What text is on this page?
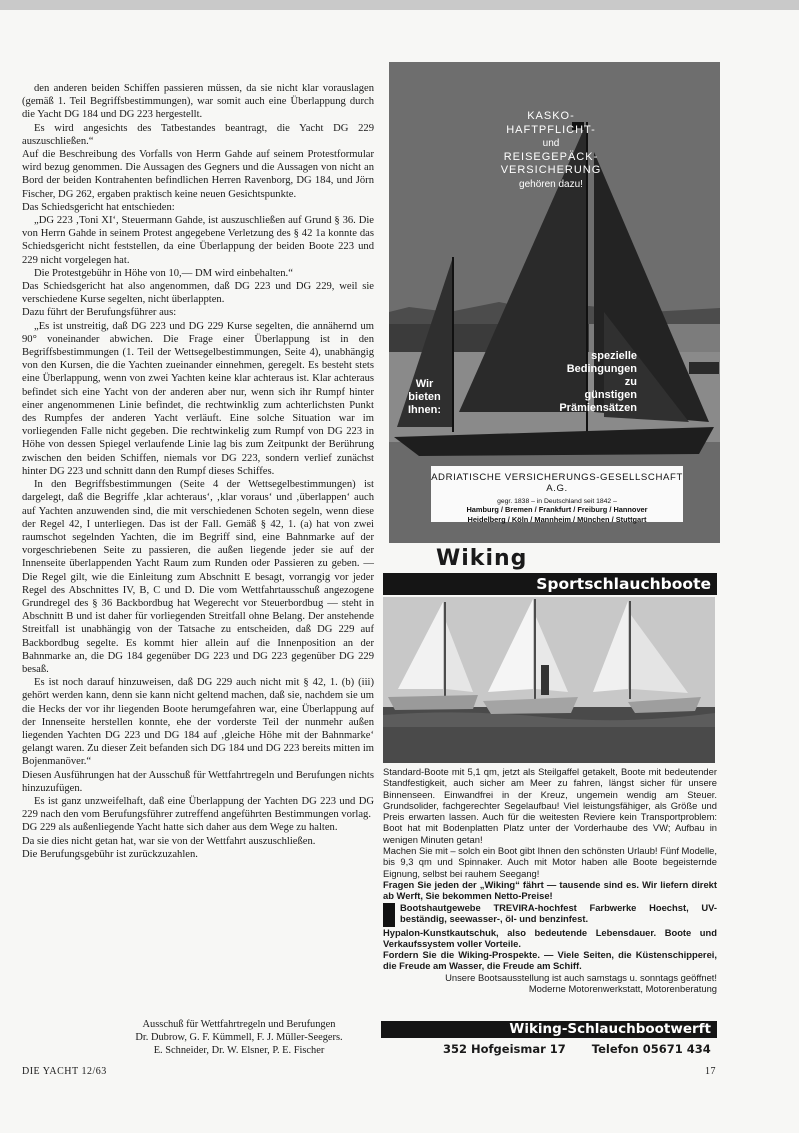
den anderen beiden Schiffen passieren müssen, da sie nicht klar vorauslagen (gemäß 1. Teil Begriffsbestimmungen), war somit auch eine Überlappung durch die Yacht DG 184 und DG 223 hergestellt.

Es wird angesichts des Tatbestandes beantragt, die Yacht DG 229 auszuschließen.“

Auf die Beschreibung des Vorfalls von Herrn Gahde auf seinem Protestformular wird bezug genommen. Die Aussagen des Gegners und die Aussagen von nicht an Bord der beiden Kontrahenten befindlichen Herren Ravenborg, DG 184, und Jörn Fischer, DG 262, ergaben praktisch keine neuen Gesichtspunkte.

Das Schiedsgericht hat entschieden:

„DG 223 ‚Toni XI‘, Steuermann Gahde, ist auszuschließen auf Grund § 36. Die von Herrn Gahde in seinem Protest angegebene Verletzung des § 42 1a konnte das Schiedsgericht nicht feststellen, da eine Überlappung der beiden Boote 223 und 229 nicht vorgelegen hat.

Die Protestgebühr in Höhe von 10,— DM wird einbehalten.“

Das Schiedsgericht hat also angenommen, daß DG 223 und DG 229, weil sie verschiedene Kurse segelten, nicht überlappten.

Dazu führt der Berufungsführer aus:

„Es ist unstreitig, daß DG 223 und DG 229 Kurse segelten, die annähernd um 90° voneinander abwichen. Die Frage einer Überlappung ist in den Begriffsbestimmungen (1. Teil der Wettsegelbestimmungen, Seite 4), unabhängig von den Kursen, die die Yachten zueinander einnehmen, geregelt. Es besteht stets eine Überlappung, wenn von zwei Yachten keine klar achteraus ist. Klar achteraus befindet sich eine Yacht von der anderen aber nur, wenn sich ihr Rumpf hinter einer angenommenen Linie befindet, die rechtwinklig zum achterlichsten Punkt des Rumpfes der anderen Yacht verläuft. Eine solche Situation war im vorliegenden Falle nicht gegeben. Die rechtwinkelig zum Rumpf von DG 223 in Höhe von dessen Spiegel verlaufende Linie lag bis zum Zeitpunkt der Berührung zwischen den beiden Schiffen, niemals vor DG 223, sondern verlief zunächst hinter DG 223 und schnitt dann den Rumpf dieses Schiffes.

In den Begriffsbestimmungen (Seite 4 der Wettsegelbestimmungen) ist dargelegt, daß die Begriffe ‚klar achteraus‘, ‚klar voraus‘ und ‚überlappen‘ auch auf Yachten anzuwenden sind, die mit verschiedenen Schoten segeln, wenn diese der Regel 42, I unterliegen. Das ist der Fall. Gemäß § 42, 1. (a) hat von zwei raumschot segelnden Yachten, die im Begriff sind, eine Bahnmarke auf der vorgeschriebenen Seite zu passieren, die außen liegende jeder sie auf der Innenseite überlappenden Yacht Raum zum Runden oder Passieren zu geben. — Die Regel gilt, wie die Einleitung zum Abschnitt E besagt, vorrangig vor jeder Regel des Abschnittes IV, B, C und D. Die vom Wettfahrtausschuß angezogene Grundregel des § 36 Backbordbug hat Wegerecht vor Steuerbordbug — steht in Abschnitt B und ist daher für vorliegenden Streitfall ohne Belang. Der anstehende Streitfall ist unabhängig von der Tatsache zu entscheiden, daß DG 229 auf Backbordbug segelte. Es kommt hier allein auf die Innenposition an der Bahnmarke an, die DG 184 gegenüber DG 223 und DG 223 gegenüber DG 229 besaß.

Es ist noch darauf hinzuweisen, daß DG 229 auch nicht mit § 42, 1. (b) (iii) gehört werden kann, denn sie kann nicht geltend machen, daß sie, nachdem sie um die Hecks der vor ihr liegenden Boote herumgefahren war, eine Überlappung auf der Innenseite herstellen konnte, ehe der vorderste Teil der nunmehr außen liegenden Yachten DG 223 und DG 184 auf ‚gleiche Höhe mit der Bahnmarke‘ gelangt waren. Zu dieser Zeit befanden sich DG 184 und DG 223 bereits mitten im Bojenmanöver.“

Diesen Ausführungen hat der Ausschuß für Wettfahrtregeln und Berufungen nichts hinzuzufügen.

Es ist ganz unzweifelhaft, daß eine Überlappung der Yachten DG 223 und DG 229 nach den vom Berufungsführer zutreffend angeführten Bestimmungen vorlag.

DG 229 als außenliegende Yacht hatte sich daher aus dem Wege zu halten.

Da sie dies nicht getan hat, war sie von der Wettfahrt auszuschließen.

Die Berufungsgebühr ist zurückzuzahlen.

Ausschuß für Wettfahrtregeln und Berufungen
Dr. Dubrow, G. F. Kümmell, F. J. Müller-Seegers.
E. Schneider, Dr. W. Elsner, P. E. Fischer
DIE YACHT 12/63	17
KASKO-
HAFTPFLICHT-
und
REISEGEPÄCK-
VERSICHERUNG
gehören dazu!
spezielle
Bedingungen
zu
günstigen
Prämiensätzen
Wir
bieten
Ihnen:
ADRIATISCHE VERSICHERUNGS-GESELLSCHAFT A.G.
gegr. 1838 – in Deutschland seit 1842 –
Hamburg / Bremen / Frankfurt / Freiburg / Hannover
Heidelberg / Köln / Mannheim / München / Stuttgart
Wiking
Sportschlauchboote

Standard-Boote mit 5,1 qm, jetzt als Steilgaffel getakelt, Boote mit bedeutender Standfestigkeit, auch sicher am Meer zu fahren, längst sicher für unsere Binnenseen. Einwandfrei in der Kreuz, ungemein wendig am Steuer. Grundsolider, fachgerechter Segelaufbau! Viel leistungsfähiger, als Größe und Preis erwarten lassen. Auch für die weitesten Reviere kein Transportproblem: Boot hat mit Bodenplatten Platz unter der Vorderhaube des VW; Aufbau in wenigen Minuten getan!

Machen Sie mit – solch ein Boot gibt Ihnen den schönsten Urlaub! Fünf Modelle, bis 9,3 qm und Spinnaker. Auch mit Motor haben alle Boote begeisternde Eignung, selbst bei rauhem Seegang!

Fragen Sie jeden der „Wiking“ fährt — tausende sind es. Wir liefern direkt ab Werft, Sie bekommen Netto-Preise!

Bootshautgewebe TREVIRA-hochfest Farbwerke Hoechst, UV-beständig, seewasser-, öl- und benzinfest.

Hypalon-Kunstkautschuk, also bedeutende Lebensdauer. Boote und Verkaufssystem voller Vorteile.

Fordern Sie die Wiking-Prospekte. — Viele Seiten, die Küstenschipperei, die Freude am Wasser, die Freude am Schiff.

Unsere Bootsausstellung ist auch samstags u. sonntags geöffnet!

Moderne Motorenwerkstatt, Motorenberatung

Wiking-Schlauchbootwerft
352 Hofgeismar 17 Telefon 05671 434
